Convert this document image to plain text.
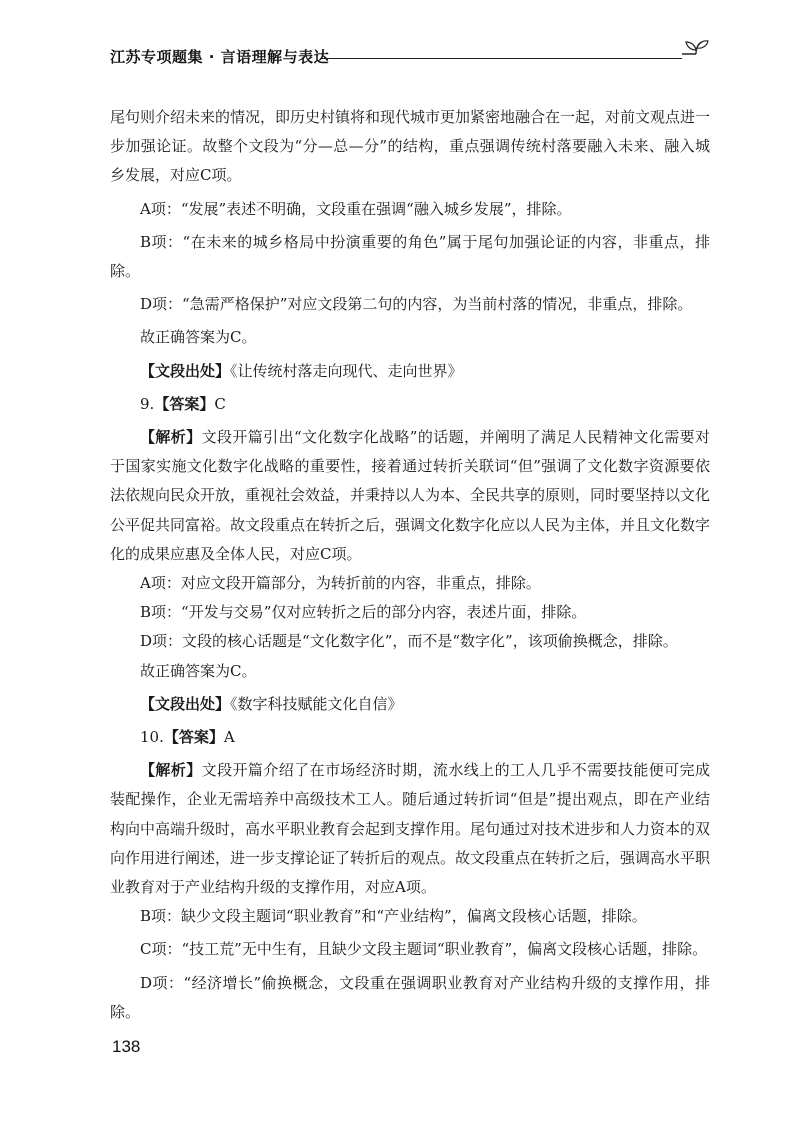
江苏专项题集 · 言语理解与表达

尾句则介绍未来的情况，即历史村镇将和现代城市更加紧密地融合在一起，对前文观点进一步加强论证。故整个文段为“分—总—分”的结构，重点强调传统村落要融入未来、融入城乡发展，对应C项。

A项：“发展”表述不明确，文段重在强调“融入城乡发展”，排除。

B项：“在未来的城乡格局中扮演重要的角色”属于尾句加强论证的内容，非重点，排除。

D项：“急需严格保护”对应文段第二句的内容，为当前村落的情况，非重点，排除。

故正确答案为C。

【文段出处】《让传统村落走向现代、走向世界》

9.【答案】C

【解析】文段开篇引出“文化数字化战略”的话题，并阐明了满足人民精神文化需要对于国家实施文化数字化战略的重要性，接着通过转折关联词“但”强调了文化数字资源要依法依规向民众开放，重视社会效益，并秉持以人为本、全民共享的原则，同时要坚持以文化公平促共同富裕。故文段重点在转折之后，强调文化数字化应以人民为主体，并且文化数字化的成果应惠及全体人民，对应C项。

A项：对应文段开篇部分，为转折前的内容，非重点，排除。

B项：“开发与交易”仅对应转折之后的部分内容，表述片面，排除。

D项：文段的核心话题是“文化数字化”，而不是“数字化”，该项偷换概念，排除。

故正确答案为C。

【文段出处】《数字科技赋能文化自信》

10.【答案】A

【解析】文段开篇介绍了在市场经济时期，流水线上的工人几乎不需要技能便可完成装配操作，企业无需培养中高级技术工人。随后通过转折词“但是”提出观点，即在产业结构向中高端升级时，高水平职业教育会起到支撑作用。尾句通过对技术进步和人力资本的双向作用进行阐述，进一步支撑论证了转折后的观点。故文段重点在转折之后，强调高水平职业教育对于产业结构升级的支撑作用，对应A项。

B项：缺少文段主题词“职业教育”和“产业结构”，偏离文段核心话题，排除。

C项：“技工荒”无中生有，且缺少文段主题词“职业教育”，偏离文段核心话题，排除。

D项：“经济增长”偷换概念，文段重在强调职业教育对产业结构升级的支撑作用，排除。

138
